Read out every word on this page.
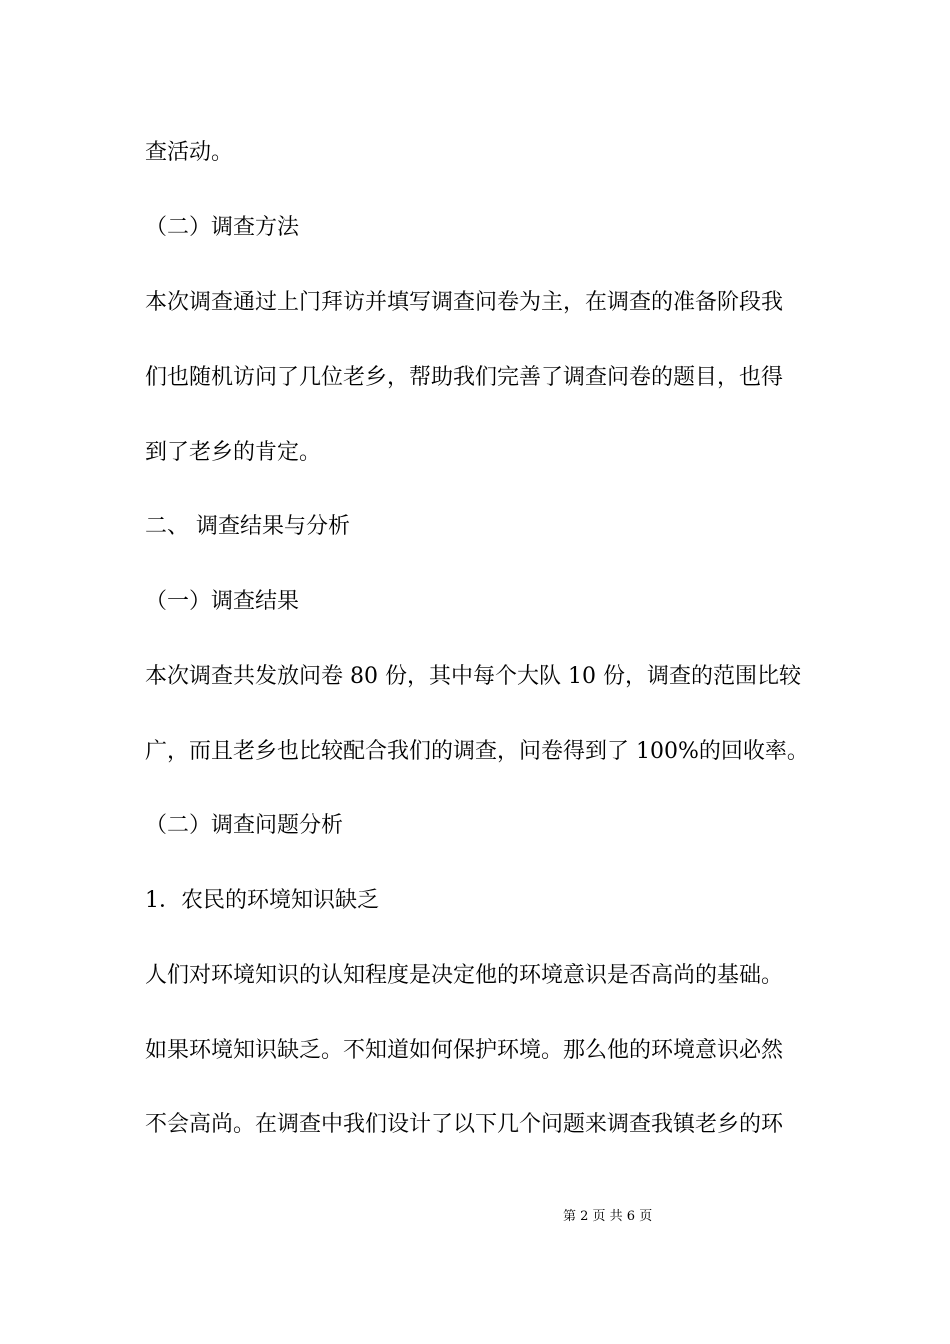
查活动。

（二）调查方法

本次调查通过上门拜访并填写调查问卷为主，在调查的准备阶段我

们也随机访问了几位老乡，帮助我们完善了调查问卷的题目，也得

到了老乡的肯定。

二、 调查结果与分析

（一）调查结果

本次调查共发放问卷 80 份，其中每个大队 10 份，调查的范围比较

广，而且老乡也比较配合我们的调查，问卷得到了 100%的回收率。

（二）调查问题分析

1．农民的环境知识缺乏

人们对环境知识的认知程度是决定他的环境意识是否高尚的基础。

如果环境知识缺乏。不知道如何保护环境。那么他的环境意识必然

不会高尚。在调查中我们设计了以下几个问题来调查我镇老乡的环

第 2 页 共 6 页
